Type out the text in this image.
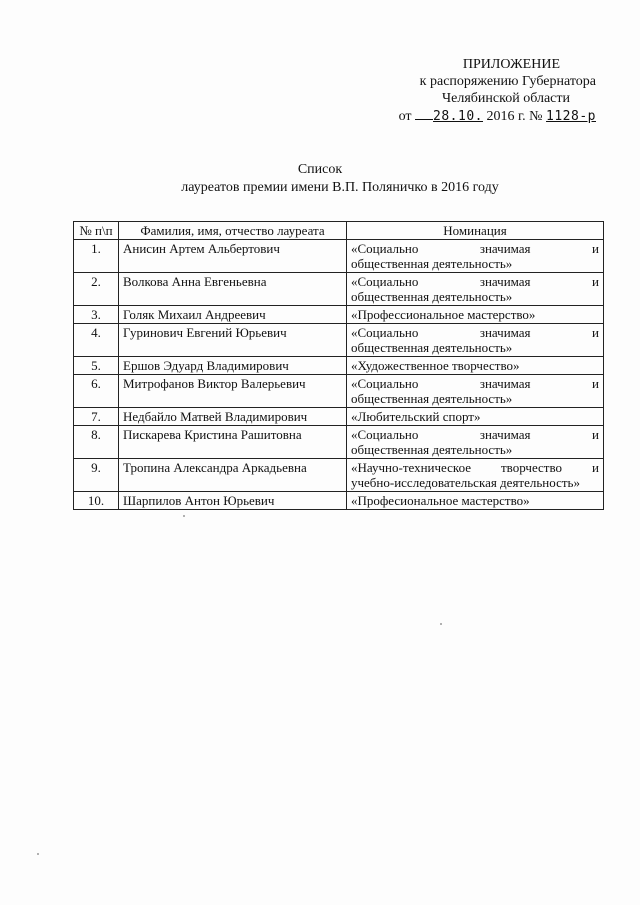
ПРИЛОЖЕНИЕ
к распоряжению Губернатора
Челябинской области
от 28.10. 2016 г. № 1128-р
Список
лауреатов премии имени В.П. Поляничко в 2016 году
№ п\п	Фамилия, имя, отчество лауреата	Номинация
1.	Анисин Артем Альбертович	«Социально значимая и
общественная деятельность»

2.	Волкова Анна Евгеньевна	«Социально значимая и
общественная деятельность»

3.	Голяк Михаил Андреевич	«Профессиональное мастерство»
4.	Гуринович Евгений Юрьевич	«Социально значимая и
общественная деятельность»

5.	Ершов Эдуард Владимирович	«Художественное творчество»
6.	Митрофанов Виктор Валерьевич	«Социально значимая и
общественная деятельность»

7.	Недбайло Матвей Владимирович	«Любительский спорт»
8.	Пискарева Кристина Рашитовна	«Социально значимая и
общественная деятельность»

9.	Тропина Александра Аркадьевна	«Научно-техническое творчество и
учебно-исследовательская деятельность»

10.	Шарпилов Антон Юрьевич	«Професиональное мастерство»
